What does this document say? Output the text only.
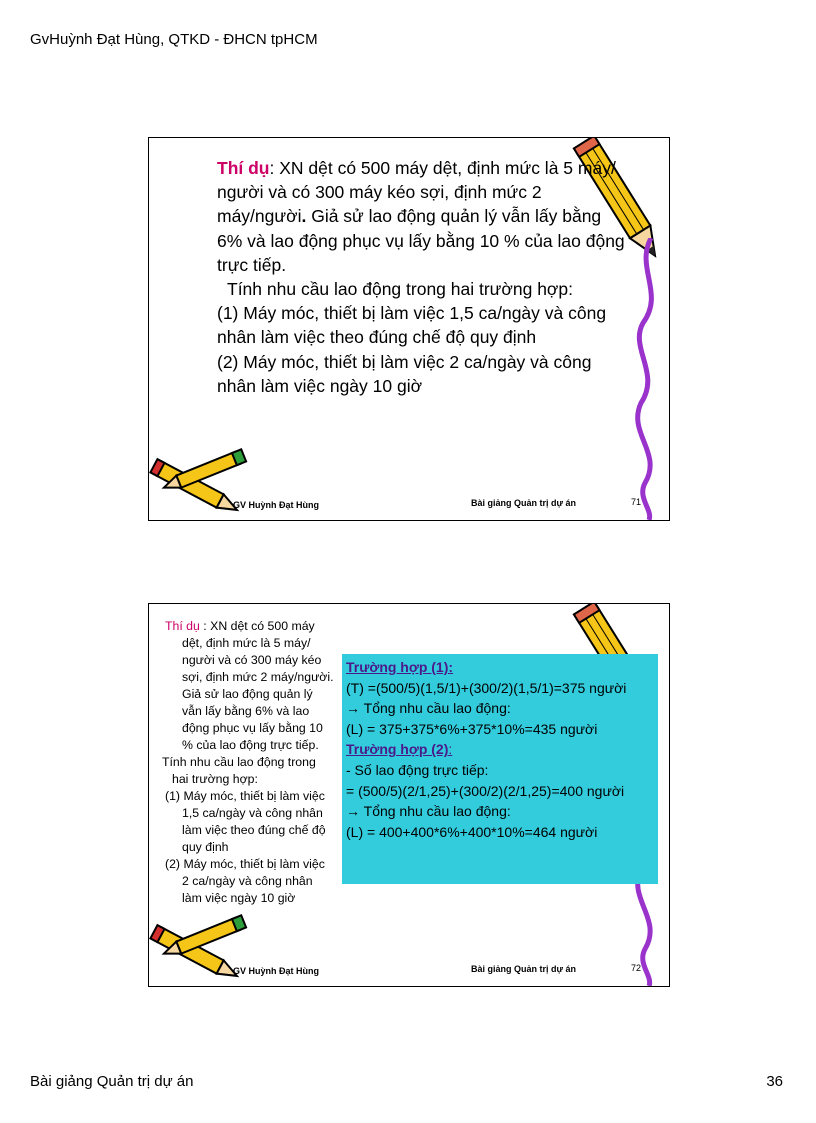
GvHuỳnh Đạt Hùng, QTKD - ĐHCN tpHCM

Thí dụ: XN dệt có 500 máy dệt, định mức là 5 máy/ người và có 300 máy kéo sợi, định mức 2 máy/người. Giả sử lao động quản lý vẫn lấy bằng 6% và lao động phục vụ lấy bằng 10 % của lao động trực tiếp.

Tính nhu cầu lao động trong hai trường hợp:

(1) Máy móc, thiết bị làm việc 1,5 ca/ngày và công nhân làm việc theo đúng chế độ quy định

(2) Máy móc, thiết bị làm việc 2 ca/ngày và công nhân làm việc ngày 10 giờ

GV Huỳnh Đạt Hùng	Bài giảng Quản trị dự án	71

Thí dụ : XN dệt có 500 máy dệt, định mức là 5 máy/ người và có 300 máy kéo sợi, định mức 2 máy/người. Giả sử lao động quản lý vẫn lấy bằng 6% và lao động phục vụ lấy bằng 10 % của lao động trực tiếp.

Tính nhu cầu lao động trong hai trường hợp:

(1) Máy móc, thiết bị làm việc 1,5 ca/ngày và công nhân làm việc theo đúng chế độ quy định

(2) Máy móc, thiết bị làm việc 2 ca/ngày và công nhân làm việc ngày 10 giờ

Trường hợp (1):

(T) =(500/5)(1,5/1)+(300/2)(1,5/1)=375 người

→ Tổng nhu cầu lao động:

(L) = 375+375*6%+375*10%=435 người

Trường hợp (2):

- Số lao động trực tiếp:

= (500/5)(2/1,25)+(300/2)(2/1,25)=400 người

→ Tổng nhu cầu lao động:

(L) = 400+400*6%+400*10%=464 người

GV Huỳnh Đạt Hùng	Bài giảng Quản trị dự án	72
Bài giảng Quản trị dự án	36
